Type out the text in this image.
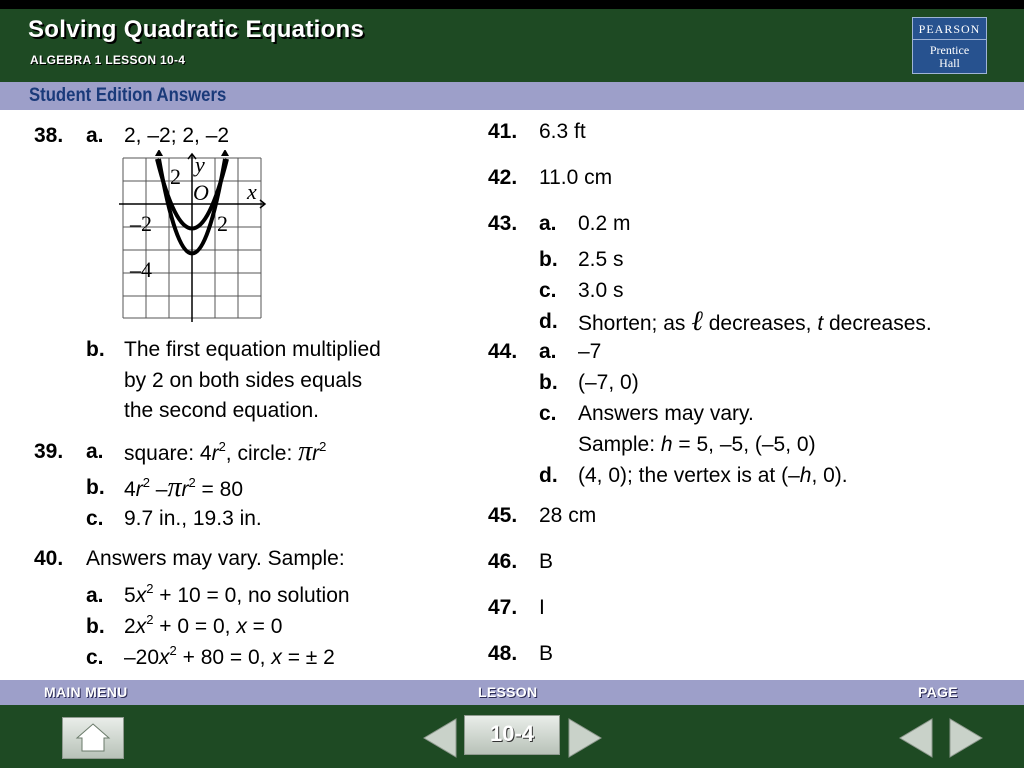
Solving Quadratic Equations
ALGEBRA 1 LESSON 10-4
PEARSON
Prentice
Hall
Student Edition Answers
38. a. 2, –2; 2, –2
y
x
O
2
–2	2
–4
b. The first equation multiplied
by 2 on both sides equals
the second equation.
39. a. square: $4r^2$, circle: $\pi r^2$
b. $4r^2$ $-\pi r^2 = 80$
c. 9.7 in., 19.3 in.
40. Answers may vary. Sample:
a. $5x^2 + 10 = 0$, no solution
b. $2x^2 + 0 = 0$, x = 0
c. $-20x^2 + 80 = 0$, x = ± 2
41. 6.3 ft
42. 11.0 cm
43. a. 0.2 m
b. 2.5 s
c. 3.0 s
d. Shorten; as ℓ decreases, t decreases.
44. a. –7
b. (–7, 0)
c. Answers may vary.
Sample: h = 5, –5, (–5, 0)
d. (4, 0); the vertex is at (–h, 0).
45. 28 cm
46. B
47. I
48. B
MAIN MENU	LESSON	PAGE
10-4
